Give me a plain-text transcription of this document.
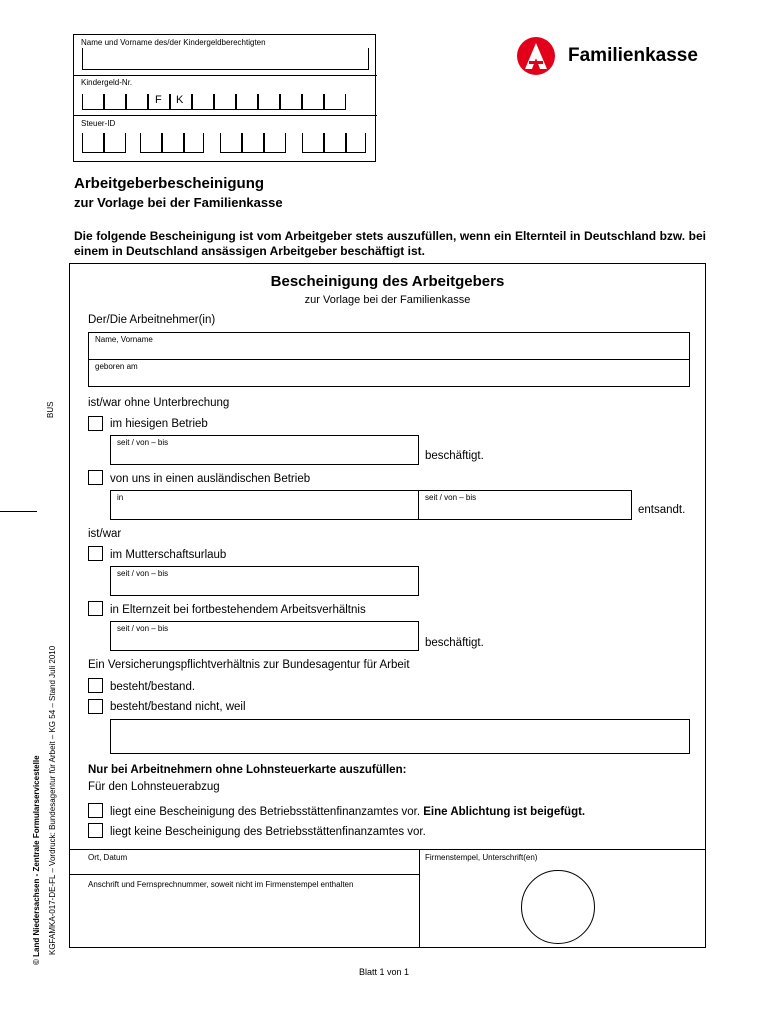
Name und Vorname des/der Kindergeldberechtigten
Kindergeld-Nr.
Steuer-ID
F K
Familienkasse
Arbeitgeberbescheinigung
zur Vorlage bei der Familienkasse
Die folgende Bescheinigung ist vom Arbeitgeber stets auszufüllen, wenn ein Elternteil in Deutschland bzw. bei einem in Deutschland ansässigen Arbeitgeber beschäftigt ist.
Bescheinigung des Arbeitgebers
zur Vorlage bei der Familienkasse
Der/Die Arbeitnehmer(in)
Name, Vorname
geboren am
ist/war ohne Unterbrechung
im hiesigen Betrieb
seit / von – bis
beschäftigt.
von uns in einen ausländischen Betrieb
in	seit / von – bis
entsandt.
ist/war
im Mutterschaftsurlaub
seit / von – bis
in Elternzeit bei fortbestehendem Arbeitsverhältnis
seit / von – bis
beschäftigt.
Ein Versicherungspflichtverhältnis zur Bundesagentur für Arbeit
besteht/bestand.
besteht/bestand nicht, weil
Nur bei Arbeitnehmern ohne Lohnsteuerkarte auszufüllen:
Für den Lohnsteuerabzug
liegt eine Bescheinigung des Betriebsstättenfinanzamtes vor. Eine Ablichtung ist beigefügt.
liegt keine Bescheinigung des Betriebsstättenfinanzamtes vor.
Ort, Datum	Firmenstempel, Unterschrift(en)
Anschrift und Fernsprechnummer, soweit nicht im Firmenstempel enthalten
Blatt 1 von 1
BUS
© Land Niedersachsen - Zentrale Formularservicestelle KGFAMKA-017-DE-FL – Vordruck: Bundesagentur für Arbeit – KG 54 – Stand Juli 2010
